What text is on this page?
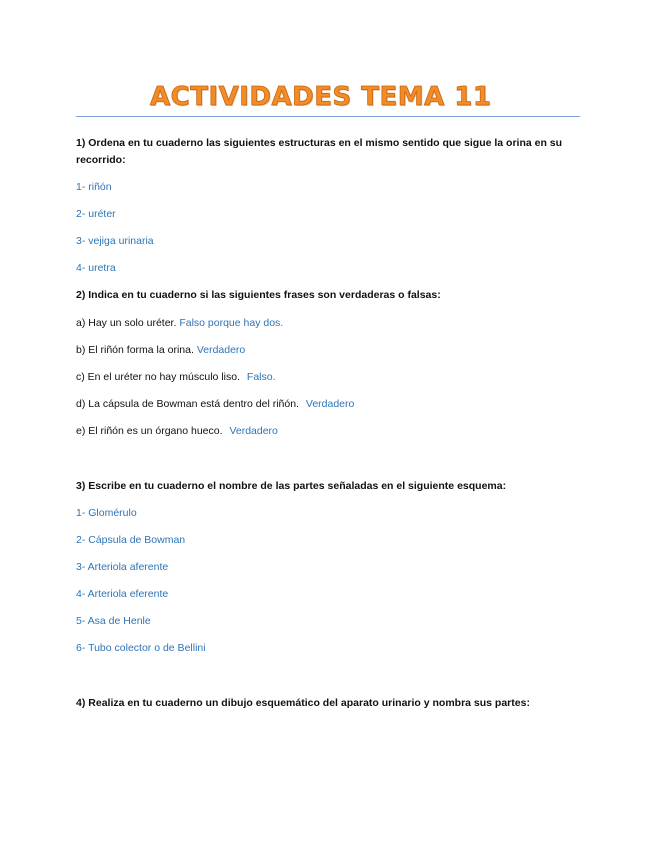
ACTIVIDADES TEMA 11
1) Ordena en tu cuaderno las siguientes estructuras en el mismo sentido que sigue la orina en su recorrido:
1- riñón
2- uréter
3- vejiga urinaria
4- uretra
2) Indica en tu cuaderno si las siguientes frases son verdaderas o falsas:
a) Hay un solo uréter. Falso porque hay dos.
b) El riñón forma la orina. Verdadero
c) En el uréter no hay músculo liso. Falso.
d) La cápsula de Bowman está dentro del riñón. Verdadero
e) El riñón es un órgano hueco. Verdadero
3) Escribe en tu cuaderno el nombre de las partes señaladas en el siguiente esquema:
1- Glomérulo
2- Cápsula de Bowman
3- Arteriola aferente
4- Arteriola eferente
5- Asa de Henle
6- Tubo colector o de Bellini
4) Realiza en tu cuaderno un dibujo esquemático del aparato urinario y nombra sus partes:
